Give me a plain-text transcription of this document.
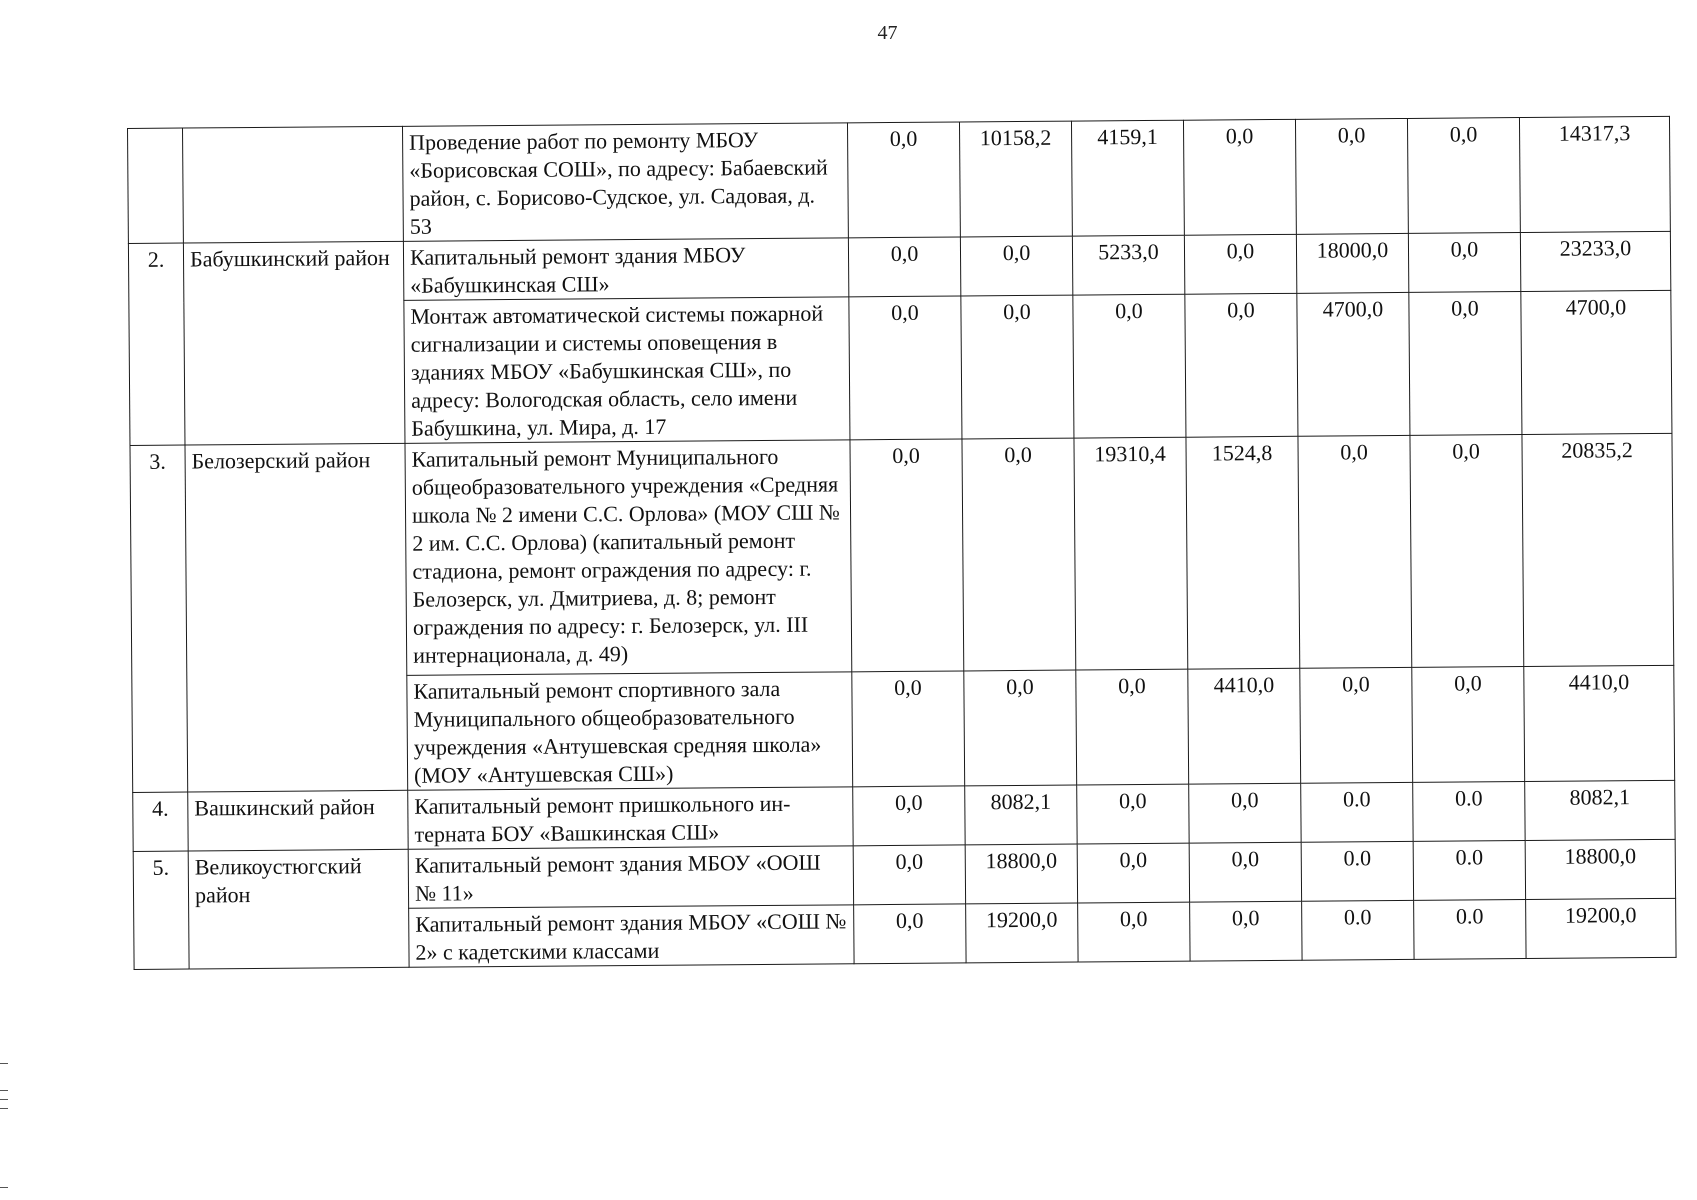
47
		Проведение работ по ремонту МБОУ «Борисовская СОШ», по адресу: Бабаевский район, с. Борисово-Судское, ул. Садовая, д. 53	0,0	10158,2	4159,1	0,0	0,0	0,0	14317,3
2.	Бабушкинский район	Капитальный ремонт здания МБОУ «Бабушкинская СШ»	0,0	0,0	5233,0	0,0	18000,0	0,0	23233,0
		Монтаж автоматической системы пожарной сигнализации и системы оповещения в зданиях МБОУ «Бабушкинская СШ», по адресу: Вологодская область, село имени Бабушкина, ул. Мира, д. 17	0,0	0,0	0,0	0,0	4700,0	0,0	4700,0
3.	Белозерский район	Капитальный ремонт Муниципального общеобразовательного учреждения «Средняя школа № 2 имени С.С. Орлова» (МОУ СШ № 2 им. С.С. Орлова) (капитальный ремонт стадиона, ремонт ограждения по адресу: г. Белозерск, ул. Дмитриева, д. 8; ремонт ограждения по адресу: г. Белозерск, ул. III интернационала, д. 49)	0,0	0,0	19310,4	1524,8	0,0	0,0	20835,2
		Капитальный ремонт спортивного зала Муниципального общеобразовательного учреждения «Антушевская средняя школа» (МОУ «Антушевская СШ»)	0,0	0,0	0,0	4410,0	0,0	0,0	4410,0
4.	Вашкинский район	Капитальный ремонт пришкольного интерната БОУ «Вашкинская СШ»	0,0	8082,1	0,0	0,0	0.0	0.0	8082,1
5.	Великоустюгский район	Капитальный ремонт здания МБОУ «ООШ № 11»	0,0	18800,0	0,0	0,0	0.0	0.0	18800,0
		Капитальный ремонт здания МБОУ «СОШ № 2» с кадетскими классами	0,0	19200,0	0,0	0,0	0.0	0.0	19200,0
